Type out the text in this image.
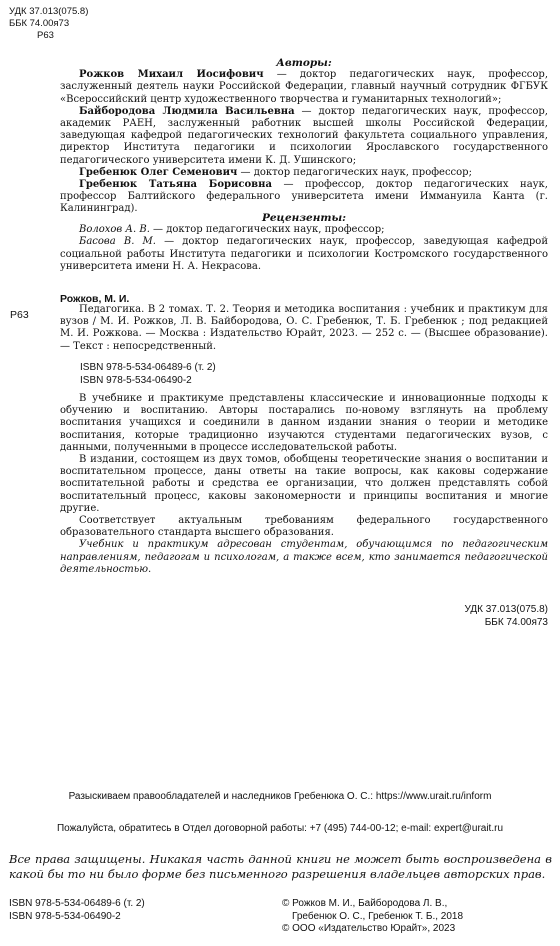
УДК 37.013(075.8)
ББК 74.00я73
Р63
Авторы:

Рожков Михаил Иосифович — доктор педагогических наук, профессор, заслуженный деятель науки Российской Федерации, главный научный сотрудник ФГБУК «Всероссийский центр художественного творчества и гуманитарных технологий»;

Байбородова Людмила Васильевна — доктор педагогических наук, профессор, академик РАЕН, заслуженный работник высшей школы Российской Федерации, заведующая кафедрой педагогических технологий факультета социального управления, директор Института педагогики и психологии Ярославского государственного педагогического университета имени К. Д. Ушинского;

Гребенюк Олег Семенович — доктор педагогических наук, профессор;

Гребенюк Татьяна Борисовна — профессор, доктор педагогических наук, профессор Балтийского федерального университета имени Иммануила Канта (г. Калининград).

Рецензенты:

Волохов А. В. — доктор педагогических наук, профессор;

Басова В. М. — доктор педагогических наук, профессор, заведующая кафедрой социальной работы Института педагогики и психологии Костромского государственного университета имени Н. А. Некрасова.

Рожков, М. И.
Р63	Педагогика. В 2 томах. Т. 2. Теория и методика воспитания : учебник и практикум для вузов / М. И. Рожков, Л. В. Байбородова, О. С. Гребенюк, Т. Б. Гребенюк ; под редакцией М. И. Рожкова. — Москва : Издательство Юрайт, 2023. — 252 с. — (Высшее образование). — Текст : непосредственный.

ISBN 978-5-534-06489-6 (т. 2)
ISBN 978-5-534-06490-2

В учебнике и практикуме представлены классические и инновационные подходы к обучению и воспитанию. Авторы постарались по-новому взглянуть на проблему воспитания учащихся и соединили в данном издании знания о теории и методике воспитания, которые традиционно изучаются студентами педагогических вузов, с данными, полученными в процессе исследовательской работы.

В издании, состоящем из двух томов, обобщены теоретические знания о воспитании и воспитательном процессе, даны ответы на такие вопросы, как каковы содержание воспитательной работы и средства ее организации, что должен представлять собой воспитательный процесс, каковы закономерности и принципы воспитания и многие другие.

Соответствует актуальным требованиям федерального государственного образовательного стандарта высшего образования.

Учебник и практикум адресован студентам, обучающимся по педагогическим направлениям, педагогам и психологам, а также всем, кто занимается педагогической деятельностью.

УДК 37.013(075.8)
ББК 74.00я73
Разыскиваем правообладателей и наследников Гребенюка О. С.: https://www.urait.ru/inform
Пожалуйста, обратитесь в Отдел договорной работы: +7 (495) 744-00-12; e-mail: expert@urait.ru
Все права защищены. Никакая часть данной книги не может быть воспроизведена в какой бы то ни было форме без письменного разрешения владельцев авторских прав.
ISBN 978-5-534-06489-6 (т. 2)
ISBN 978-5-534-06490-2
© Рожков М. И., Байбородова Л. В.,
Гребенюк О. С., Гребенюк Т. Б., 2018
© ООО «Издательство Юрайт», 2023
